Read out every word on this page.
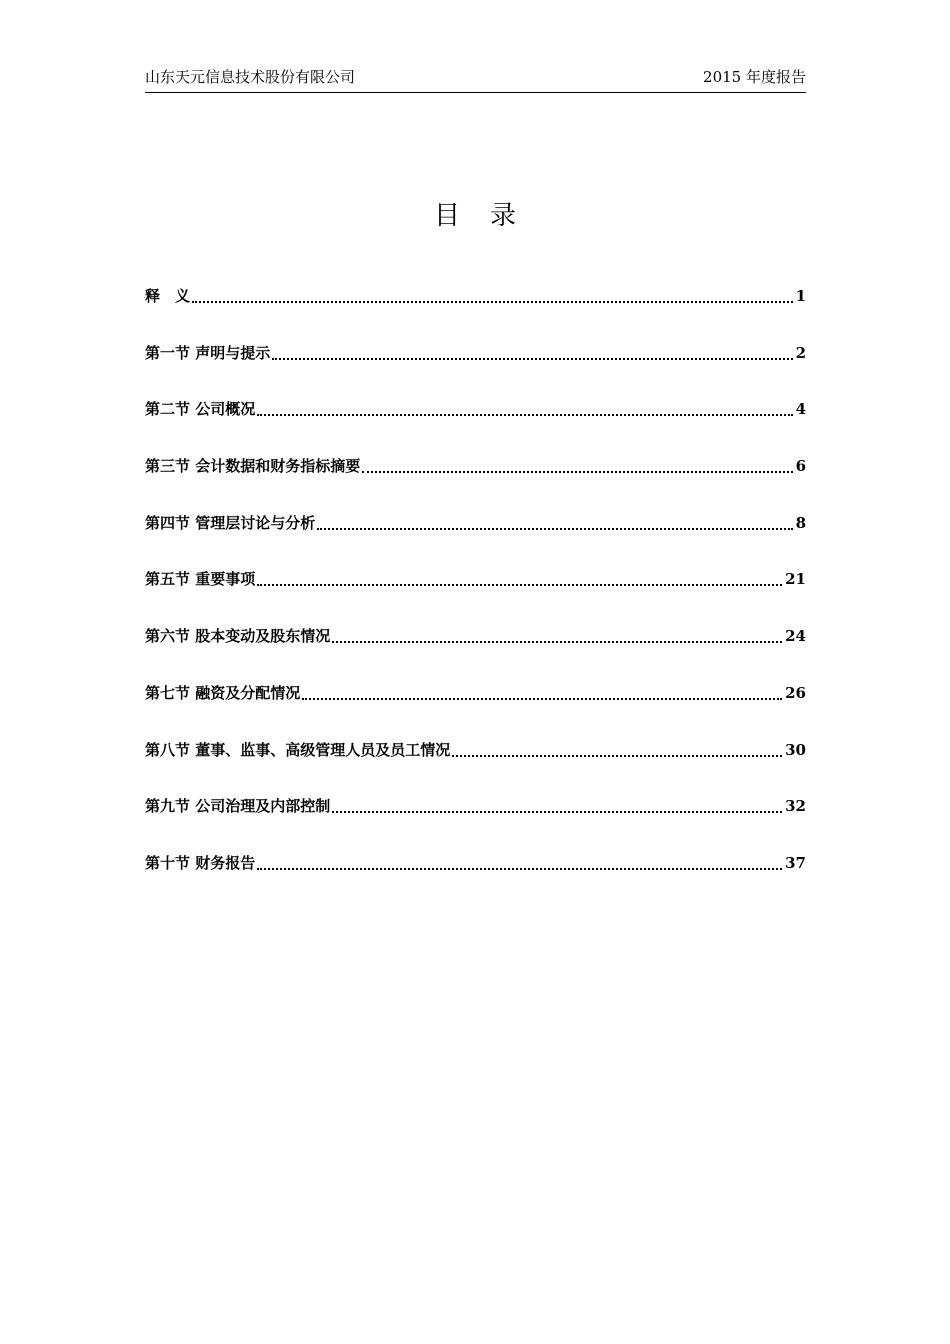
山东天元信息技术股份有限公司	2015 年度报告
目录
释　义	1
第一节 声明与提示	2
第二节 公司概况	4
第三节 会计数据和财务指标摘要	6
第四节 管理层讨论与分析	8
第五节 重要事项	21
第六节 股本变动及股东情况	24
第七节 融资及分配情况	26
第八节 董事、监事、高级管理人员及员工情况	30
第九节 公司治理及内部控制	32
第十节 财务报告	37
